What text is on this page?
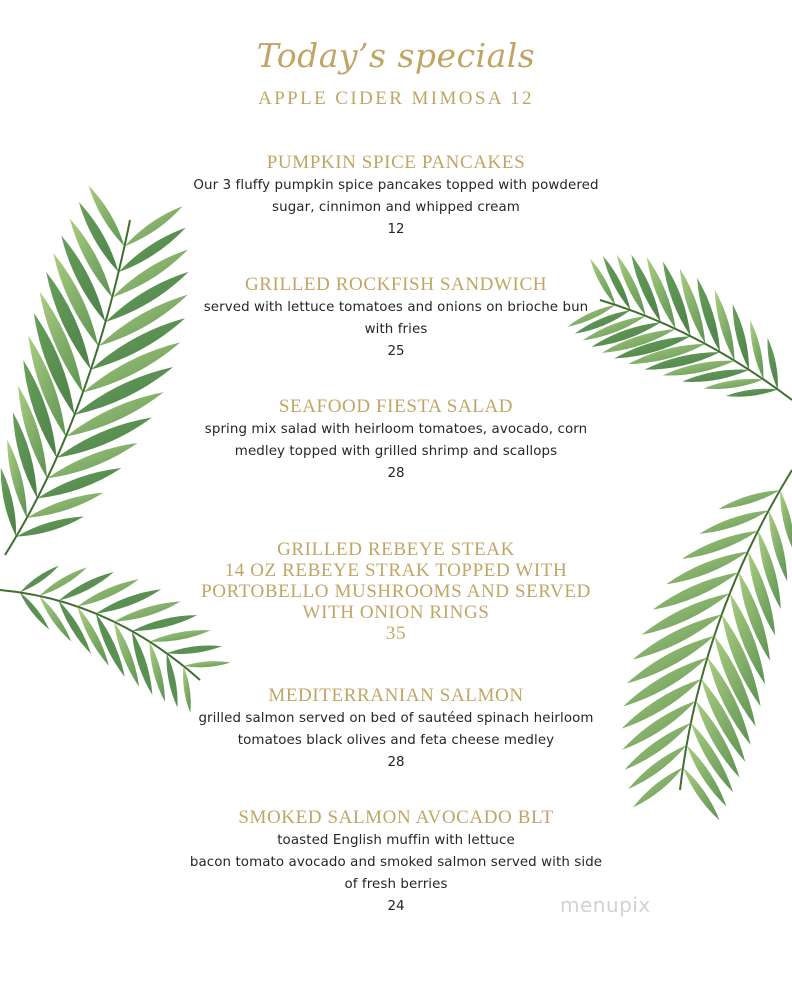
Today’s specials
APPLE CIDER MIMOSA 12
PUMPKIN SPICE PANCAKES
Our 3 fluffy pumpkin spice pancakes topped with powdered
sugar, cinnimon and whipped cream
12
GRILLED ROCKFISH SANDWICH
served with lettuce tomatoes and onions on brioche bun
with fries
25
SEAFOOD FIESTA SALAD
spring mix salad with heirloom tomatoes, avocado, corn
medley topped with grilled shrimp and scallops
28
GRILLED REBEYE STEAK
14 OZ REBEYE STRAK TOPPED WITH
PORTOBELLO MUSHROOMS AND SERVED
WITH ONION RINGS
35
MEDITERRANIAN SALMON
grilled salmon served on bed of sautéed spinach heirloom
tomatoes black olives and feta cheese medley
28
SMOKED SALMON AVOCADO BLT
toasted English muffin with lettuce
bacon tomato avocado and smoked salmon served with side
of fresh berries
24	menupix
